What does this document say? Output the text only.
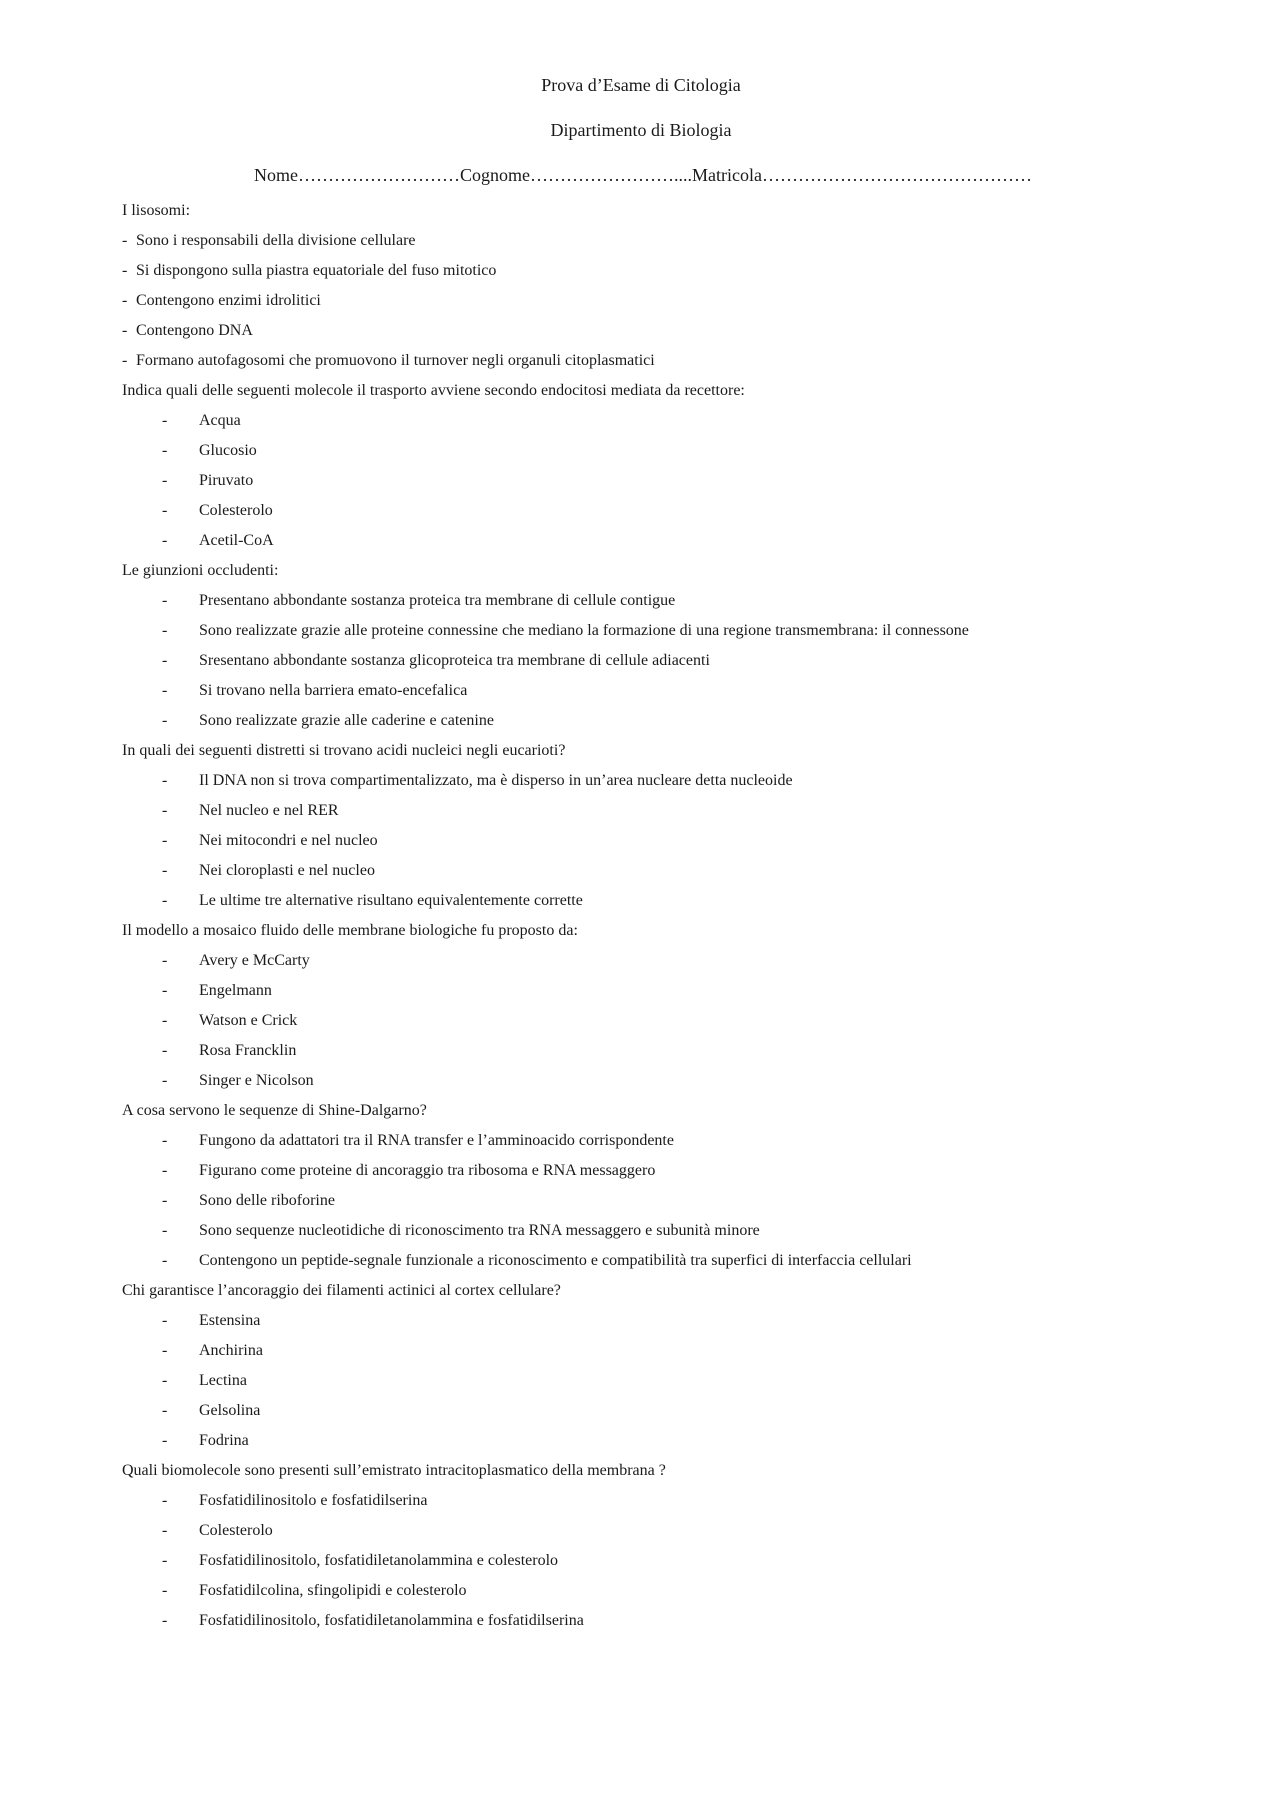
Prova d’Esame di Citologia
Dipartimento di Biologia
Nome………………………Cognome……………………....Matricola………………………………………
I lisosomi:
- Sono i responsabili della divisione cellulare
- Si dispongono sulla piastra equatoriale del fuso mitotico
- Contengono enzimi idrolitici
- Contengono DNA
- Formano autofagosomi che promuovono il turnover negli organuli citoplasmatici
Indica quali delle seguenti molecole il trasporto avviene secondo endocitosi mediata da recettore:
-	Acqua
-	Glucosio
-	Piruvato
-	Colesterolo
-	Acetil-CoA
Le giunzioni occludenti:
-	Presentano abbondante sostanza proteica tra membrane di cellule contigue
-	Sono realizzate grazie alle proteine connessine che mediano la formazione di una regione transmembrana: il connessone
-	Sresentano abbondante sostanza glicoproteica tra membrane di cellule adiacenti
-	Si trovano nella barriera emato-encefalica
-	Sono realizzate grazie alle caderine e catenine
In quali dei seguenti distretti si trovano acidi nucleici negli eucarioti?
-	Il DNA non si trova compartimentalizzato, ma è disperso in un’area nucleare detta nucleoide
-	Nel nucleo e nel RER
-	Nei mitocondri e nel nucleo
-	Nei cloroplasti e nel nucleo
-	Le ultime tre alternative risultano equivalentemente corrette
Il modello a mosaico fluido delle membrane biologiche fu proposto da:
-	Avery e McCarty
-	Engelmann
-	Watson e Crick
-	Rosa Francklin
-	Singer e Nicolson
A cosa servono le sequenze di Shine-Dalgarno?
-	Fungono da adattatori tra il RNA transfer e l’amminoacido corrispondente
-	Figurano come proteine di ancoraggio tra ribosoma e RNA messaggero
-	Sono delle riboforine
-	Sono sequenze nucleotidiche di riconoscimento tra RNA messaggero e subunità minore
-	Contengono un peptide-segnale funzionale a riconoscimento e compatibilità tra superfici di interfaccia cellulari
Chi garantisce l’ancoraggio dei filamenti actinici al cortex cellulare?
-	Estensina
-	Anchirina
-	Lectina
-	Gelsolina
-	Fodrina
Quali biomolecole sono presenti sull’emistrato intracitoplasmatico della membrana ?
-	Fosfatidilinositolo e fosfatidilserina
-	Colesterolo
-	Fosfatidilinositolo, fosfatidiletanolammina e colesterolo
-	Fosfatidilcolina, sfingolipidi e colesterolo
-	Fosfatidilinositolo, fosfatidiletanolammina e fosfatidilserina
